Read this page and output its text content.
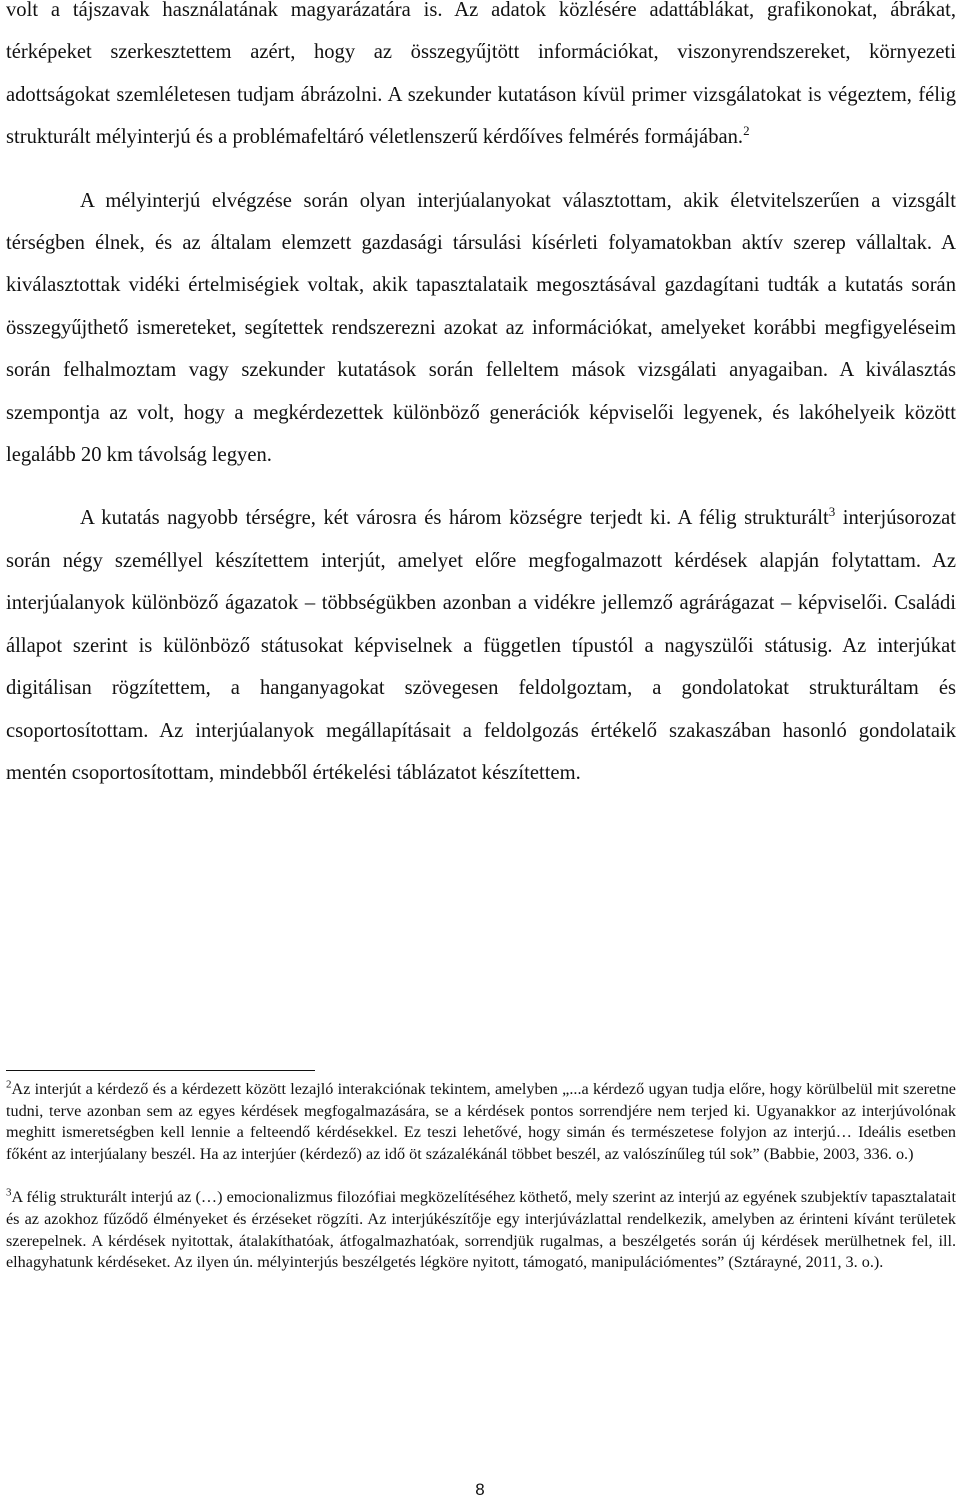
volt a tájszavak használatának magyarázatára is. Az adatok közlésére adattáblákat, grafikonokat, ábrákat, térképeket szerkesztettem azért, hogy az összegyűjtött információkat, viszonyrendszereket, környezeti adottságokat szemléletesen tudjam ábrázolni. A szekunder kutatáson kívül primer vizsgálatokat is végeztem, félig strukturált mélyinterjú és a problémafeltáró véletlenszerű kérdőíves felmérés formájában.$^2$

A mélyinterjú elvégzése során olyan interjúalanyokat választottam, akik életvitelszerűen a vizsgált térségben élnek, és az általam elemzett gazdasági társulási kísérleti folyamatokban aktív szerep vállaltak. A kiválasztottak vidéki értelmiségiek voltak, akik tapasztalataik megosztásával gazdagítani tudták a kutatás során összegyűjthető ismereteket, segítettek rendszerezni azokat az információkat, amelyeket korábbi megfigyeléseim során felhalmoztam vagy szekunder kutatások során felleltem mások vizsgálati anyagaiban. A kiválasztás szempontja az volt, hogy a megkérdezettek különböző generációk képviselői legyenek, és lakóhelyeik között legalább 20 km távolság legyen.

A kutatás nagyobb térségre, két városra és három községre terjedt ki. A félig strukturált$^3$ interjúsorozat során négy személlyel készítettem interjút, amelyet előre megfogalmazott kérdések alapján folytattam. Az interjúalanyok különböző ágazatok – többségükben azonban a vidékre jellemző agrárágazat – képviselői. Családi állapot szerint is különböző státusokat képviselnek a független típustól a nagyszülői státusig. Az interjúkat digitálisan rögzítettem, a hanganyagokat szövegesen feldolgoztam, a gondolatokat strukturáltam és csoportosítottam. Az interjúalanyok megállapításait a feldolgozás értékelő szakaszában hasonló gondolataik mentén csoportosítottam, mindebből értékelési táblázatot készítettem.

$^2$Az interjút a kérdező és a kérdezett között lezajló interakciónak tekintem, amelyben „...a kérdező ugyan tudja előre, hogy körülbelül mit szeretne tudni, terve azonban sem az egyes kérdések megfogalmazására, se a kérdések pontos sorrendjére nem terjed ki. Ugyanakkor az interjúvolónak meghitt ismeretségben kell lennie a felteendő kérdésekkel. Ez teszi lehetővé, hogy simán és természetese folyjon az interjú… Ideális esetben főként az interjúalany beszél. Ha az interjúer (kérdező) az idő öt százalékánál többet beszél, az valószínűleg túl sok” (Babbie, 2003, 336. o.)

$^3$A félig strukturált interjú az (…) emocionalizmus filozófiai megközelítéséhez köthető, mely szerint az interjú az egyének szubjektív tapasztalatait és az azokhoz fűződő élményeket és érzéseket rögzíti. Az interjúkészítője egy interjúvázlattal rendelkezik, amelyben az érinteni kívánt területek szerepelnek. A kérdések nyitottak, átalakíthatóak, átfogalmazhatóak, sorrendjük rugalmas, a beszélgetés során új kérdések merülhetnek fel, ill. elhagyhatunk kérdéseket. Az ilyen ún. mélyinterjús beszélgetés légköre nyitott, támogató, manipulációmentes” (Sztárayné, 2011, 3. o.).

8
